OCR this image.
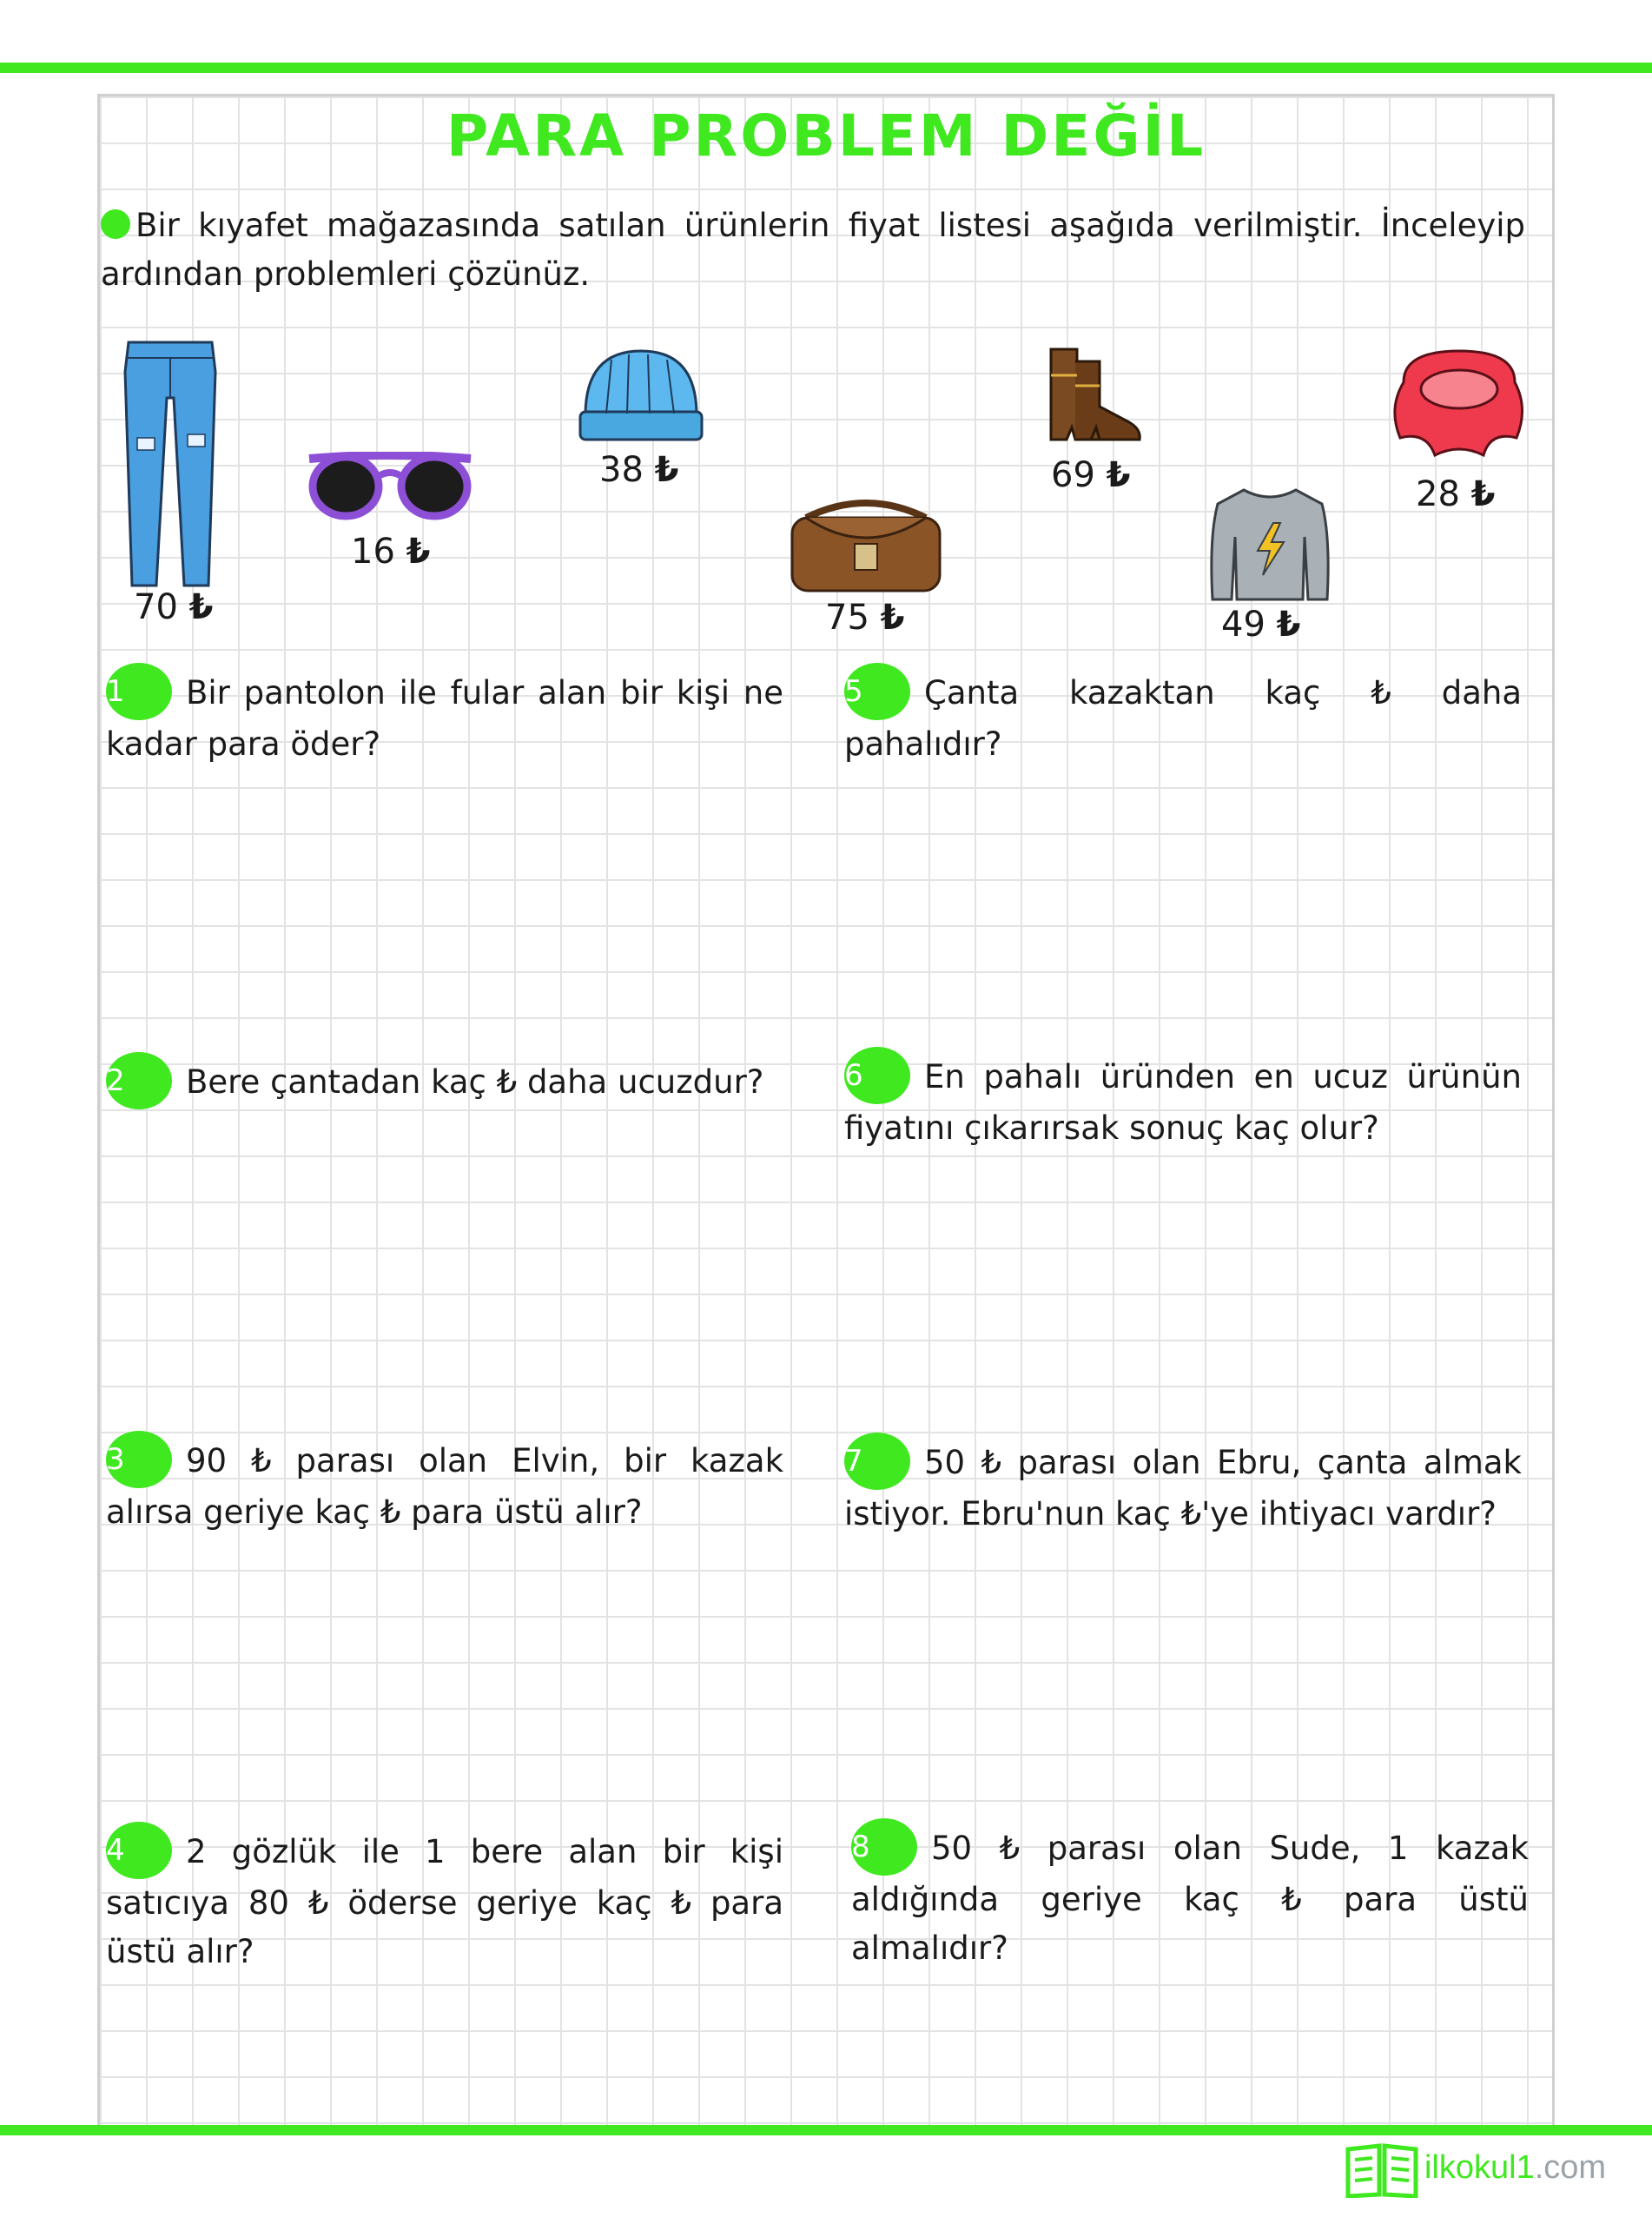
PARA PROBLEM DEĞİL
Bir kıyafet mağazasında satılan ürünlerin fiyat listesi aşağıda verilmiştir. İnceleyip ardından problemleri çözünüz.
70 ₺
16 ₺
38 ₺
75 ₺
69 ₺
49 ₺
28 ₺
1 Bir pantolon ile fular alan bir kişi ne kadar para öder?
2 Bere çantadan kaç ₺ daha ucuzdur?
3 90 ₺ parası olan Elvin, bir kazak alırsa geriye kaç ₺ para üstü alır?
4 2 gözlük ile 1 bere alan bir kişi satıcıya 80 ₺ öderse geriye kaç ₺ para üstü alır?
5 Çanta kazaktan kaç ₺ daha pahalıdır?
6 En pahalı üründen en ucuz ürünün fiyatını çıkarırsak sonuç kaç olur?
7 50 ₺ parası olan Ebru, çanta almak istiyor. Ebru'nun kaç ₺'ye ihtiyacı vardır?
8 50 ₺ parası olan Sude, 1 kazak aldığında geriye kaç ₺ para üstü almalıdır?
ilkokul1.com
